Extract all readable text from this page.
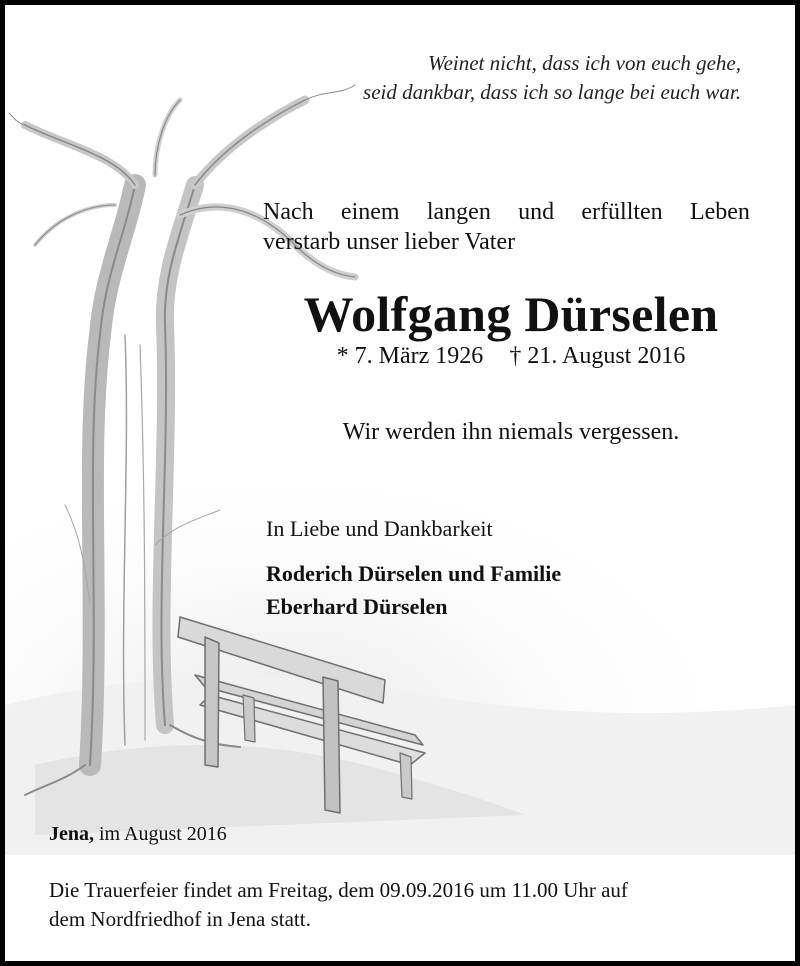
Weinet nicht, dass ich von euch gehe,
seid dankbar, dass ich so lange bei euch war.
Nach einem langen und erfüllten Leben
verstarb unser lieber Vater
Wolfgang Dürselen
* 7. März 1926 † 21. August 2016
Wir werden ihn niemals vergessen.
In Liebe und Dankbarkeit
Roderich Dürselen und Familie
Eberhard Dürselen
Jena, im August 2016
Die Trauerfeier findet am Freitag, dem 09.09.2016 um 11.00 Uhr auf
dem Nordfriedhof in Jena statt.
